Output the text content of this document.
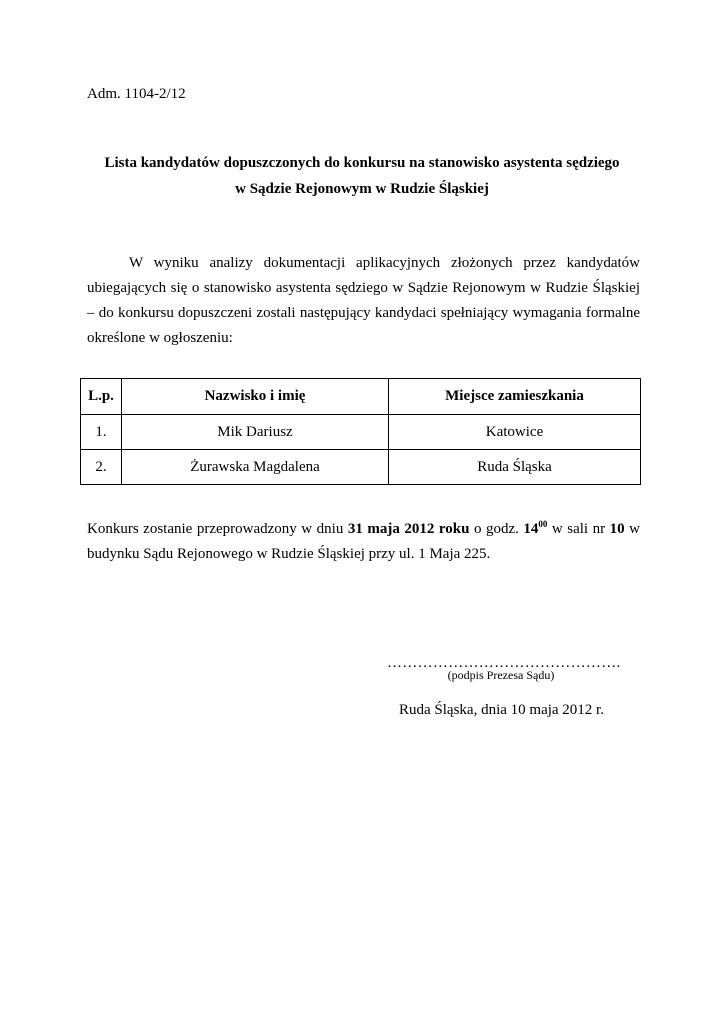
Adm. 1104-2/12
Lista kandydatów dopuszczonych do konkursu na stanowisko asystenta sędziego
w Sądzie Rejonowym w Rudzie Śląskiej
W wyniku analizy dokumentacji aplikacyjnych złożonych przez kandydatów ubiegających się o stanowisko asystenta sędziego w Sądzie Rejonowym w Rudzie Śląskiej – do konkursu dopuszczeni zostali następujący kandydaci spełniający wymagania formalne określone w ogłoszeniu:
L.p.	Nazwisko i imię	Miejsce zamieszkania
1.	Mik Dariusz	Katowice
2.	Żurawska Magdalena	Ruda Śląska
Konkurs zostanie przeprowadzony w dniu 31 maja 2012 roku o godz. $14^{00}$ w sali nr 10 w budynku Sądu Rejonowego w Rudzie Śląskiej przy ul. 1 Maja 225.
……………………………………….
(podpis Prezesa Sądu)
Ruda Śląska, dnia 10 maja 2012 r.
